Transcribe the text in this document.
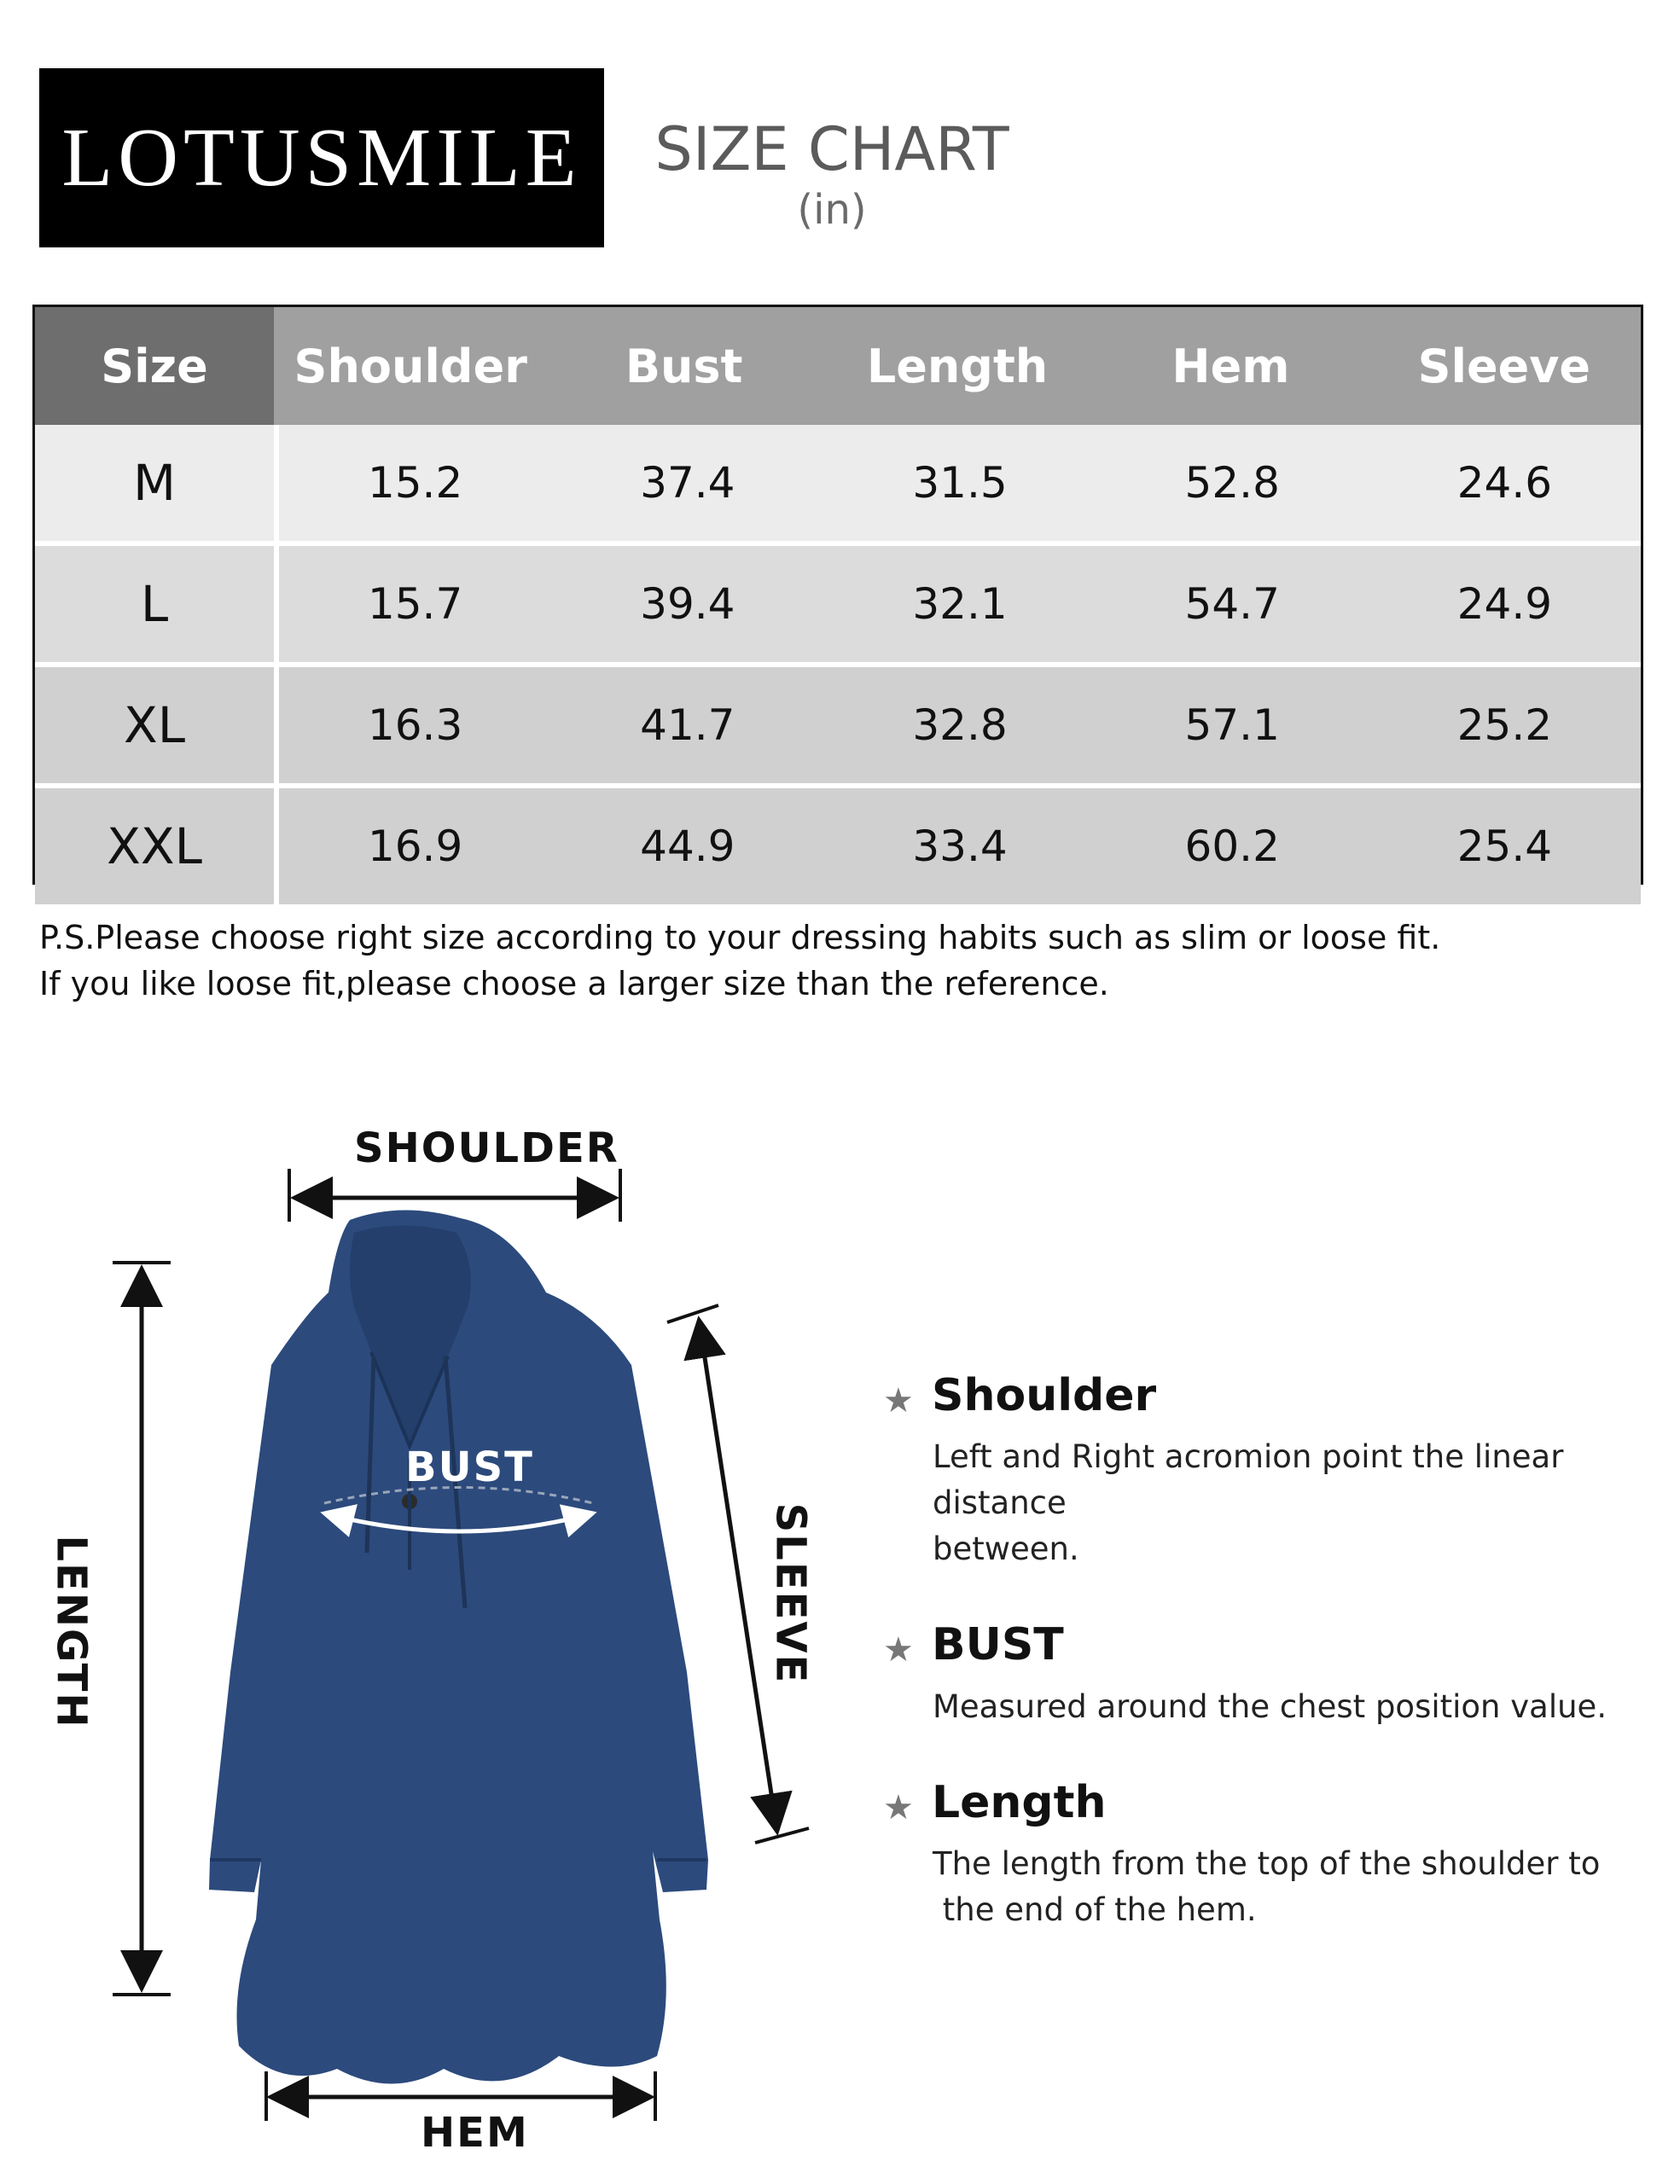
LOTUSMILE	SIZE CHART
(in)
Size	Shoulder	Bust	Length	Hem	Sleeve
M	15.2	37.4	31.5	52.8	24.6
L	15.7	39.4	32.1	54.7	24.9
XL	16.3	41.7	32.8	57.1	25.2
XXL	16.9	44.9	33.4	60.2	25.4
P.S.Please choose right size according to your dressing habits such as slim or loose fit.
If you like loose fit,please choose a larger size than the reference.
SHOULDER
BUST
LENGTH	SLEEVE
HEM
★ Shoulder
Left and Right acromion point the linear distance
between.
★ BUST
Measured around the chest position value.
★ Length
The length from the top of the shoulder to
the end of the hem.
